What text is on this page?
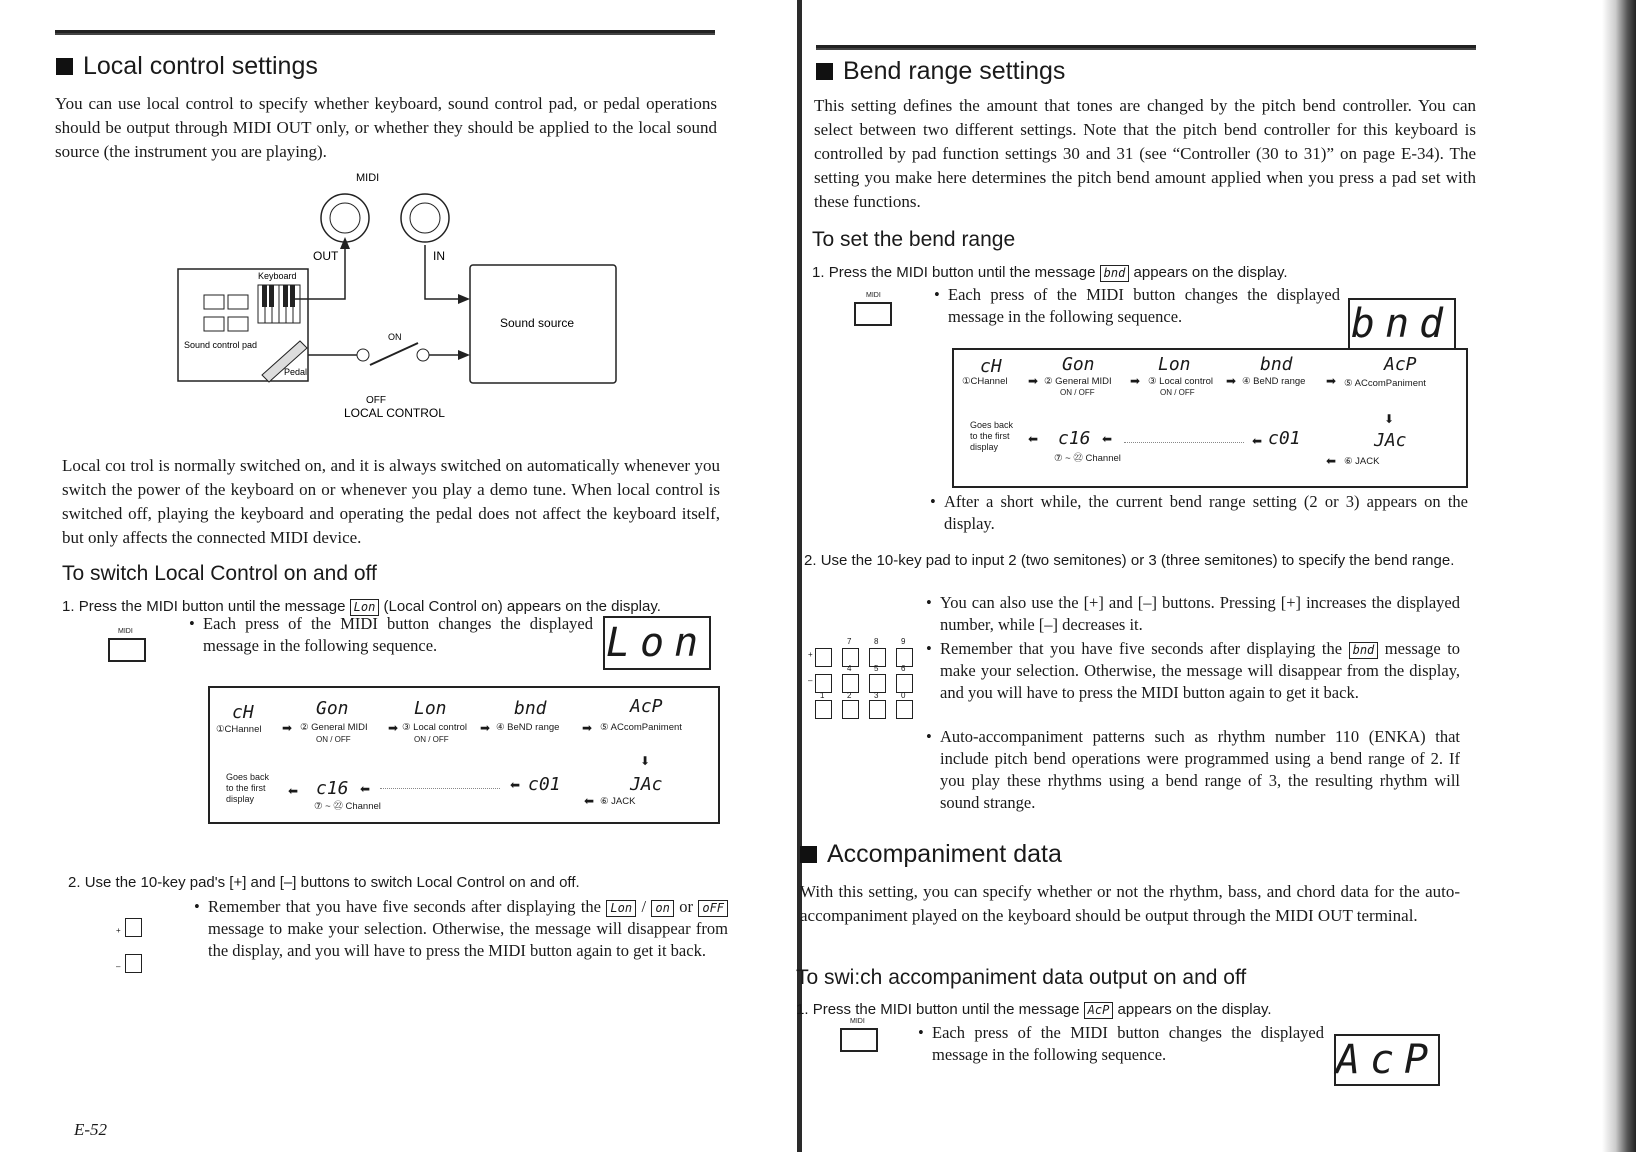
Local control settings
You can use local control to specify whether keyboard, sound control pad, or pedal operations should be output through MIDI OUT only, or whether they should be applied to the local sound source (the instrument you are playing).
MIDI
OUT	IN
Keyboard
Sound control pad
Pedal
ON
OFF
LOCAL CONTROL
Sound source
Local coı trol is normally switched on, and it is always switched on automatically whenever you switch the power of the keyboard on or whenever you play a demo tune. When local control is switched off, playing the keyboard and operating the pedal does not affect the keyboard itself, but only affects the connected MIDI device.
To switch Local Control on and off
1. Press the MIDI button until the message Lon (Local Control on) appears on the display.
MIDI	• Each press of the MIDI button changes the displayed message in the following sequence.	Lon
cH
①CHannel ➡
Gon
② General MIDI
ON / OFF
➡
Lon
③ Local control
ON / OFF
➡
bnd
④ BeND range ➡
AcP
⑤ ACcomPaniment
⬇
Goes back
to the first
display
⬅ c16 ⬅
⑦ ~ ㉒ Channel
⬅ c01	JAc
⬅ ⑥ JACK
2. Use the 10-key pad's [+] and [–] buttons to switch Local Control on and off.
+
–
• Remember that you have five seconds after displaying the Lon / on or oFF message to make your selection. Otherwise, the message will disappear from the display, and you will have to press the MIDI button again to get it back.
E-52
Bend range settings
This setting defines the amount that tones are changed by the pitch bend controller. You can select between two different settings. Note that the pitch bend controller for this keyboard is controlled by pad function settings 30 and 31 (see “Controller (30 to 31)” on page E-34). The setting you make here determines the pitch bend amount applied when you press a pad set with these functions.
To set the bend range
1. Press the MIDI button until the message bnd appears on the display.
MIDI	• Each press of the MIDI button changes the displayed message in the following sequence.	bnd
cH
①CHannel ➡
Gon
② General MIDI
ON / OFF
➡
Lon
③ Local control
ON / OFF
➡
bnd
④ BeND range ➡
AcP
⑤ ACcomPaniment
⬇
Goes back
to the first
display
⬅ c16 ⬅
⑦ ~ ㉒ Channel
⬅ c01	JAc
⬅ ⑥ JACK
• After a short while, the current bend range setting (2 or 3) appears on the display.
2. Use the 10-key pad to input 2 (two semitones) or 3 (three semitones) to specify the bend range.
+
7	8	9
–
4	5	6
1	2	3	0
• You can also use the [+] and [–] buttons. Pressing [+] increases the displayed number, while [–] decreases it.
• Remember that you have five seconds after displaying the bnd message to make your selection. Otherwise, the message will disappear from the display, and you will have to press the MIDI button again to get it back.
• Auto-accompaniment patterns such as rhythm number 110 (ENKA) that include pitch bend operations were programmed using a bend range of 2. If you play these rhythms using a bend range of 3, the resulting rhythm will sound strange.
Accompaniment data
With this setting, you can specify whether or not the rhythm, bass, and chord data for the auto-accompaniment played on the keyboard should be output through the MIDI OUT terminal.
To swi:ch accompaniment data output on and off
1. Press the MIDI button until the message AcP appears on the display.
MIDI
• Each press of the MIDI button changes the displayed message in the following sequence.	AcP
